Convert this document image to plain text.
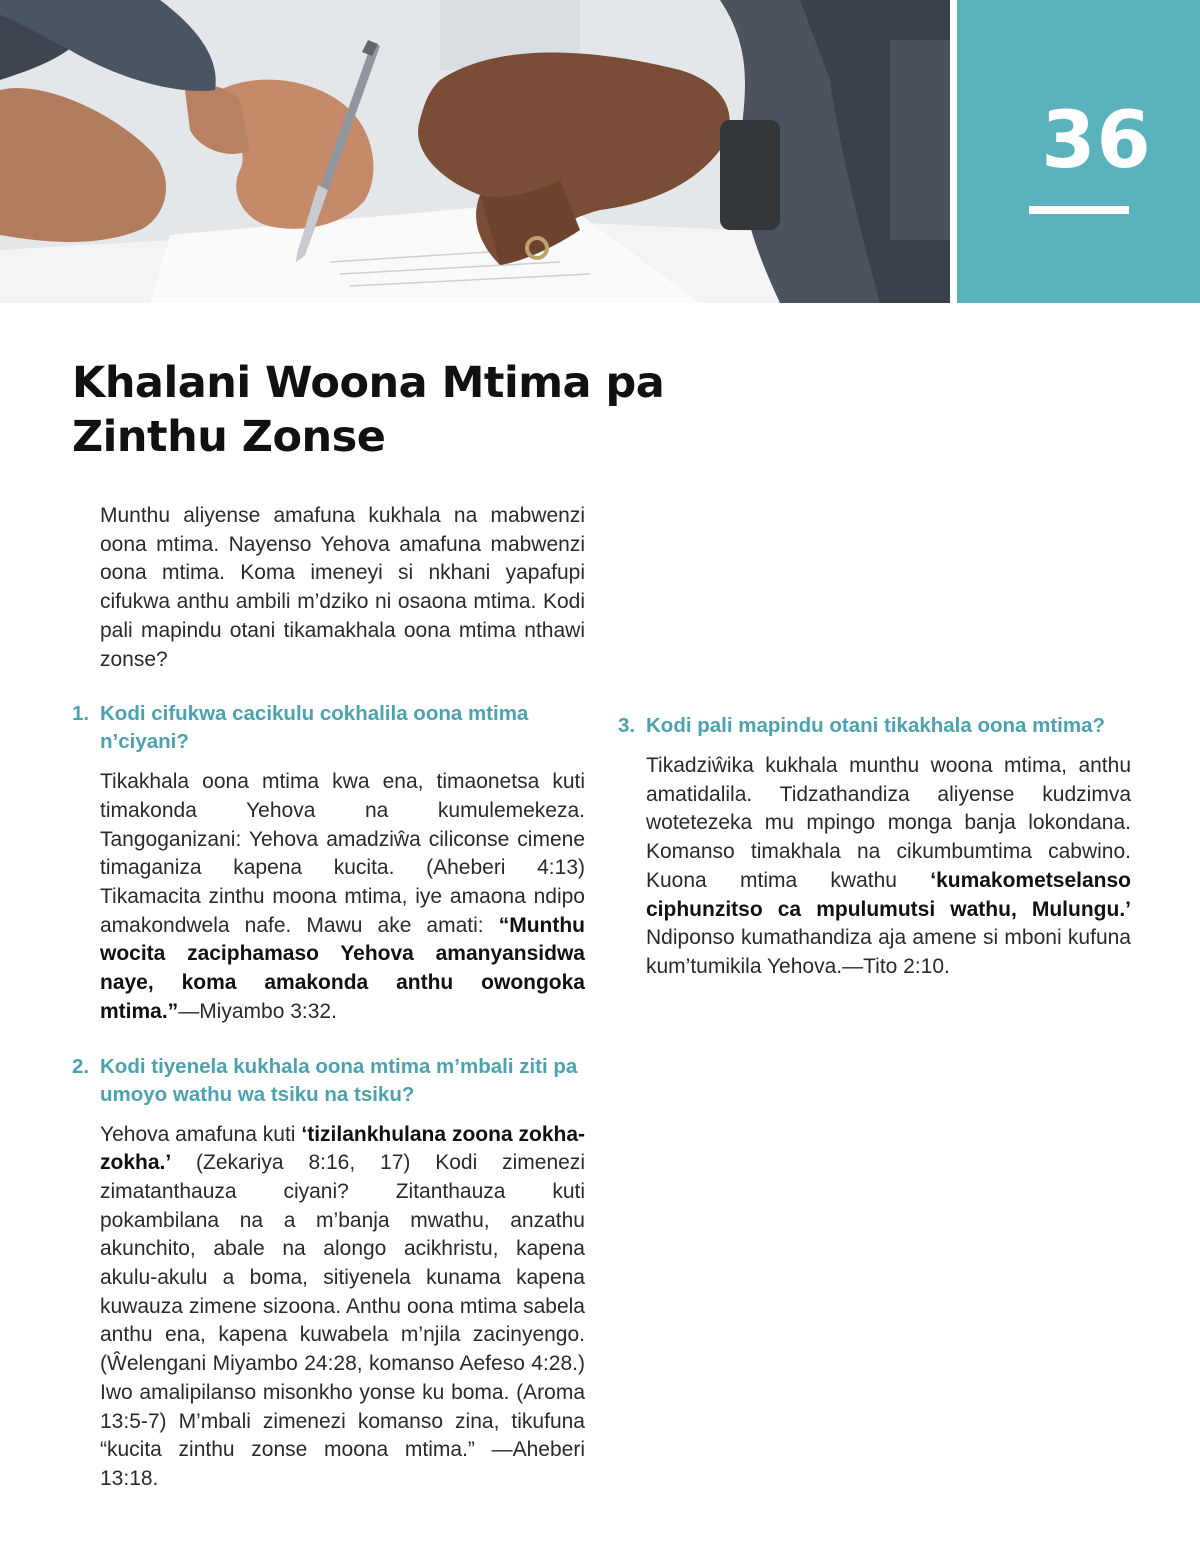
36
Khalani Woona Mtima pa
Zinthu Zonse

Munthu aliyense amafuna kukhala na mabwenzi oona mtima. Nayenso Yehova amafuna mabwenzi oona mtima. Koma imeneyi si nkhani yapafupi cifukwa anthu ambili m’dziko ni osaona mtima. Kodi pali mapindu otani tikamakhala oona mtima nthawi zonse?

1. Kodi cifukwa cacikulu cokhalila oona mtima n’ciyani?

Tikakhala oona mtima kwa ena, timaonetsa kuti timakonda Yehova na kumulemekeza. Tangoganizani: Yehova amadziŵa ciliconse cimene timaganiza kapena kucita. (Aheberi 4:13) Tikamacita zinthu moona mtima, iye amaona ndipo amakondwela nafe. Mawu ake amati: “Munthu wocita zaciphamaso Yehova amanyansidwa naye, koma amakonda anthu owongoka mtima.”—Miyambo 3:32.

2. Kodi tiyenela kukhala oona mtima m’mbali ziti pa umoyo wathu wa tsiku na tsiku?

Yehova amafuna kuti ‘tizilankhulana zoona zokha-zokha.’ (Zekariya 8:16, 17) Kodi zimenezi zimatanthauza ciyani? Zitanthauza kuti pokambilana na a m’banja mwathu, anzathu akunchito, abale na alongo acikhristu, kapena akulu-akulu a boma, sitiyenela kunama kapena kuwauza zimene sizoona. Anthu oona mtima sabela anthu ena, kapena kuwabela m’njila zacinyengo. (Ŵelengani Miyambo 24:28, komanso Aefeso 4:28.) Iwo amalipilanso misonkho yonse ku boma. (Aroma 13:5-7) M’mbali zimenezi komanso zina, tikufuna “kucita zinthu zonse moona mtima.” —Aheberi 13:18.

3. Kodi pali mapindu otani tikakhala oona mtima?

Tikadziŵika kukhala munthu woona mtima, anthu amatidalila. Tidzathandiza aliyense kudzimva wotetezeka mu mpingo monga banja lokondana. Komanso timakhala na cikumbumtima cabwino. Kuona mtima kwathu ‘kumakometselanso ciphunzitso ca mpulumutsi wathu, Mulungu.’ Ndiponso kumathandiza aja amene si mboni kufuna kum’tumikila Yehova.—Tito 2:10.
